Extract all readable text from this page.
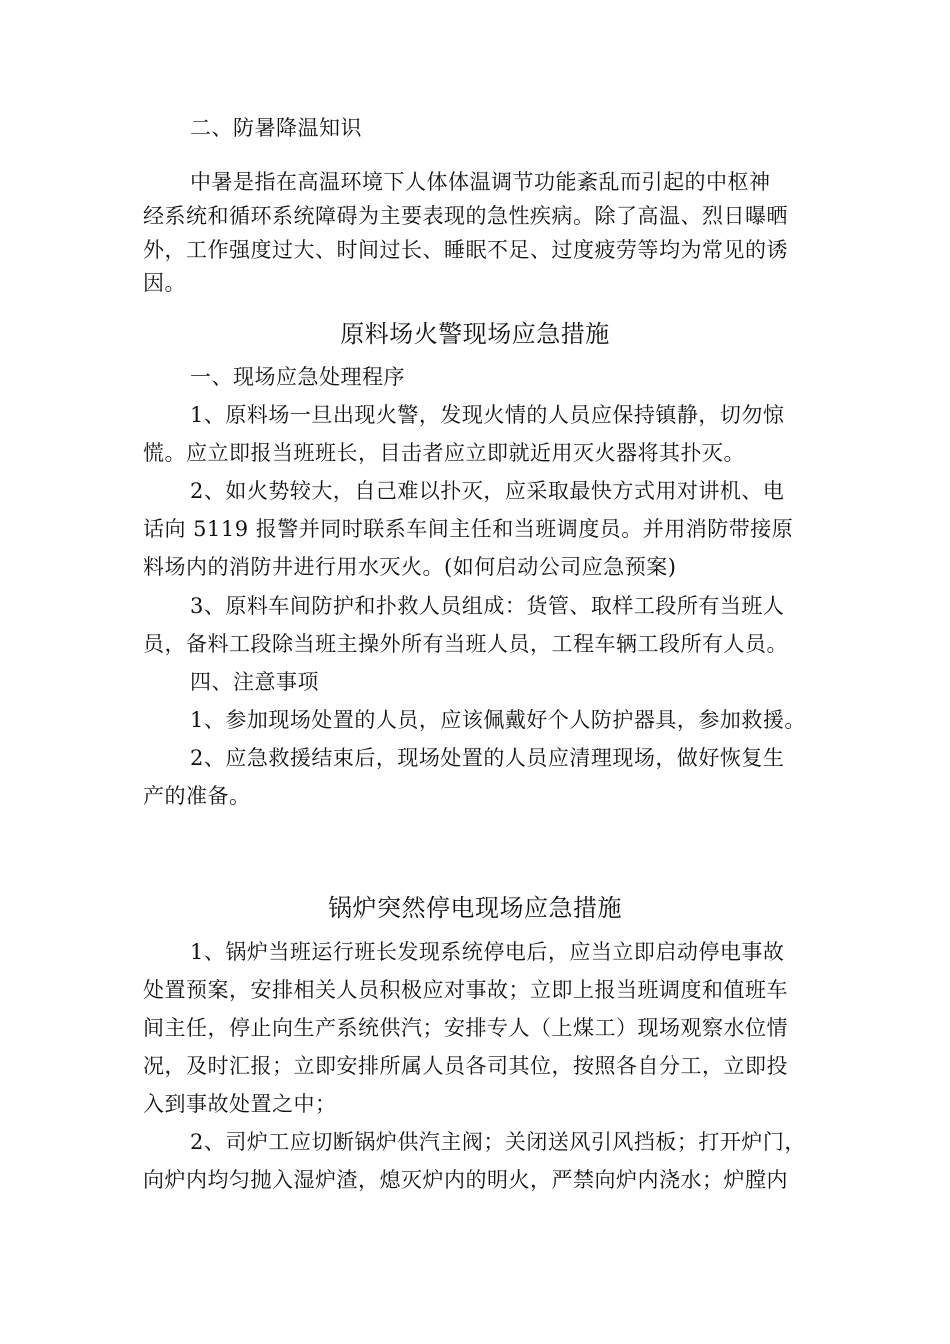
二、防暑降温知识
中暑是指在高温环境下人体体温调节功能紊乱而引起的中枢神
经系统和循环系统障碍为主要表现的急性疾病。除了高温、烈日曝晒
外，工作强度过大、时间过长、睡眠不足、过度疲劳等均为常见的诱
因。
原料场火警现场应急措施
一、现场应急处理程序
1、原料场一旦出现火警，发现火情的人员应保持镇静，切勿惊
慌。应立即报当班班长，目击者应立即就近用灭火器将其扑灭。
2、如火势较大，自己难以扑灭，应采取最快方式用对讲机、电
话向 5119 报警并同时联系车间主任和当班调度员。并用消防带接原
料场内的消防井进行用水灭火。(如何启动公司应急预案)
3、原料车间防护和扑救人员组成：货管、取样工段所有当班人
员，备料工段除当班主操外所有当班人员，工程车辆工段所有人员。
四、注意事项
1、参加现场处置的人员，应该佩戴好个人防护器具，参加救援。
2、应急救援结束后，现场处置的人员应清理现场，做好恢复生
产的准备。
锅炉突然停电现场应急措施
1、锅炉当班运行班长发现系统停电后，应当立即启动停电事故
处置预案，安排相关人员积极应对事故；立即上报当班调度和值班车
间主任，停止向生产系统供汽；安排专人（上煤工）现场观察水位情
况，及时汇报；立即安排所属人员各司其位，按照各自分工，立即投
入到事故处置之中；
2、司炉工应切断锅炉供汽主阀；关闭送风引风挡板；打开炉门，
向炉内均匀抛入湿炉渣，熄灭炉内的明火，严禁向炉内浇水；炉膛内
